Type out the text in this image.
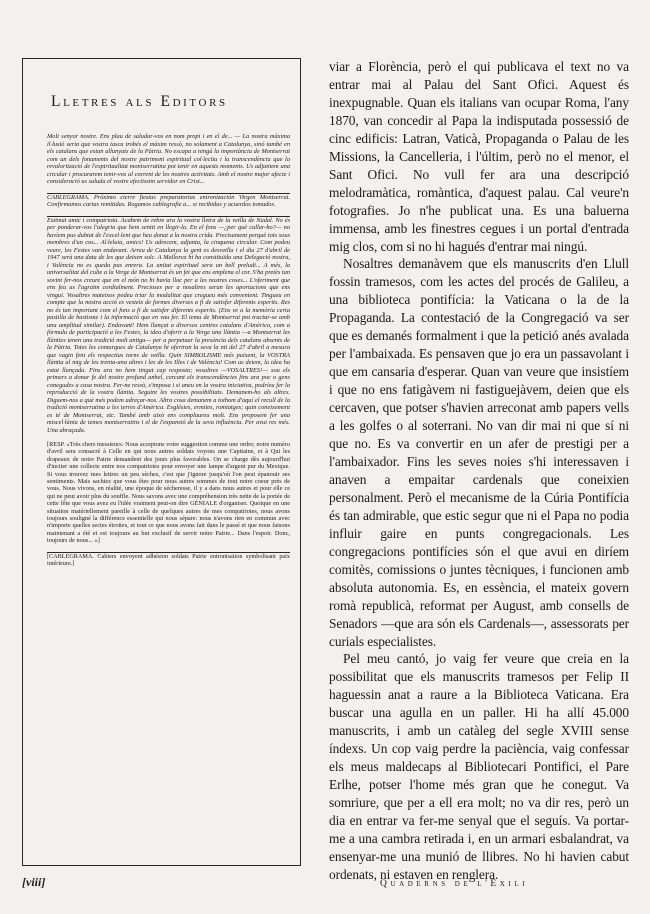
Lletres als Editors

Molt senyor nostre. Ens plau de saludar-vos en nom propi i en el de... — La nostra màxima il·lusió seria que vostra tasca trobés el màxim ressò, no solament a Catalunya, sinó també en els catalans que estan allunyats de la Pàtria. No escapa a ningú la importància de Montserrat com un dels fonaments del nostre patrimoni espiritual col·lectiu i la transcendència que la revalorització de l'espiritualitat montserratina pot tenir en aquests moments. Us adjuntem una circular i procurarem tenir-vos al corrent de les nostres activitats. Amb el nostre major afecte i consideració us saluda el vostre efectissim servidor en Crist...

CABLEGRAMA. Próximo cierre fiestas preparatorias entronización Virgen Montserrat. Confirmamos cartas remitidas. Rogamos cablegrafie a... si recibidas y acuerdos tomados.

Estimat amic i compatriota. Acabem de rebre ara la vostra lletra de la vetlla de Nadal. No és per ponderar-vos l'alegria que hem sentit en llegir-la. En el fons —¿per què callar-ho?— no havíem pas dubtat de l'excel·lent que heu donat a la nostra crida. Precisament perquè tots sous membres d'un cos... Al·leluia, amics! Us adrecem, adjunta, la cinquena circular. Com podeu veure, les Festes van endavant. Arreu de Catalunya la gent es desvetlla i el dia 27 d'abril de 1947 serà una data de les que deixen solc. A Mallorca hi ha constituïda una Delegació nostra, i València no es queda pas enrera. La unitat espiritual sera un bell preludi... A més, la universalitat del culte a la Verge de Montserrat és un fet que ens emplena el cor. S'ha pretès tan sovint fer-nos creure que en el món no hi havia lloc per a les nostres coses... L'oferiment que ens feu us l'agraïm cordialment. Precioses per a nosaltres seran les aportacions que ens vingui. Vosaltres mateixos podeu triar la modalitat que cregueu més convenient. Tingueu en compte que la nostra acció es vesteix de formes diverses a fi de satisfer diferents esperits. Res no és tan important com el fons a fi de satisfer diferents esperits. (Ens ve a la memòria certa pastilla de bastisme i la informació que en vau fer. El tema de Montserrat pot tractar-se amb una amplitud similar). Endavant! Hem llançat a diversos centres catalans d'Amèrica, com a fórmula de participació a les Festes, la idea d'oferir a la Verge una llàntia —a Montserrat les llànties tenen una tradició molt antiga— per a perpetuar la presència dels catalans absents de la Pàtria. Totes les comarques de Catalunya hi oferiran la seva la nit del 27 d'abril a mesura que vagin fent els respectius torns de vetlla. Quin SIMBOLISME més puixent, la VOSTRA llàntia al mig de les trenta-una altres i les de les Illes i de València! Com us deiem, la idea ha estat llançada. Fins ara no hem tingut cap resposta; vosaltres —VOSALTRES!— sou els primers a donar fe del nostre profund anhel, cercant els transcendències fins ara poc o gens conegudes a casa nostra. Fer-ne ressò, s'imposa i si aneu en la vostra iniciativa, podríeu fer la reproducció de la vostra llàntia. Seguint les vostres possibilitats. Demanem-ho als altres. Diguem-nos a què més podem adreçar-nos. Altra cosa demanem a tothom d'aquí el recull de la tradició montserratina a les terres d'Amèrica. Esglésies, ermites, romiatges; quin coneixement es té de Montserrat, etc. També amb això ens complaureu molt. Ens proposem fer una miscel·lània de temes montserratins i el de l'expansió de la seva influència. Per avui res més. Una abraçada.

[RESP. «Très chers messieurs: Nous acceptons votre suggestion comme une ordre; notre numéro d'avril sera consacré à Celle en qui nous autres soldats voyons une Capitaine, et à Qui les drapeaux de notre Patrie demandent des jours plus favorables. On se charge dès aujourd'hui d'inciter une collecte entre nos compatriotes pour envoyer une lampe d'argent pur du Mexique. Si vous trouvez mes lettres un peu sèches, c'est que j'ignore jusqu'où l'on peut épanouir ses sentiments. Mais sachiez que vous êtes pour nous autres sommes de tout notre coeur près de vous. Nous vivons, en réalité, une époque de sécheresse, il y a dans nous autres et pour elle ce qui ne peut avoir plus du souffle. Nous savons avec une compréhension très nette de la portée de cette fête que vous avez eu l'idée vraiment peut-on dire GÉNIALE d'organiser. Quoique en une situation matériellement pareille à celle de quelques autres de mes compatriotes, nous avons toujours souligné la différence essentielle qui nous sépare: nous n'avons rien en commun avec n'importe quelles sectes étroites, et tout ce que nous avons fait dans le passé et que nous faisons maintenant a été et est toujours au but exclusif de servir notre Patrie... Dans l'espoir. Donc, toujours de nous... »]

[CABLEGRAMA. Cahiers envoyent adhésion soldats Patrie entronisation symbolisant paix intérieure.]

viar a Florència, però el qui publicava el text no va entrar mai al Palau del Sant Ofici. Aquest és inexpugnable. Quan els italians van ocupar Roma, l'any 1870, van concedir al Papa la indisputada possessió de cinc edificis: Latran, Vaticà, Propaganda o Palau de les Missions, la Cancelleria, i l'últim, però no el menor, el Sant Ofici. No vull fer ara una descripció melodramàtica, romàntica, d'aquest palau. Cal veure'n fotografies. Jo n'he publicat una. Es una baluerna immensa, amb les finestres cegues i un portal d'entrada mig clos, com si no hi hagués d'entrar mai ningú.

Nosaltres demanàvem que els manuscrits d'en Llull fossin tramesos, com les actes del procés de Galileu, a una biblioteca pontifícia: la Vaticana o la de la Propaganda. La contestació de la Congregació va ser que es demanés formalment i que la petició anés avalada per l'ambaixada. Es pensaven que jo era un passavolant i que em cansaria d'esperar. Quan van veure que insistíem i que no ens fatigàvem ni fastiguejàvem, deien que els cercaven, que potser s'havien arreconat amb papers vells a les golfes o al soterrani. No van dir mai ni que sí ni que no. Es va convertir en un afer de prestigi per a l'ambaixador. Fins les seves noies s'hi interessaven i anaven a empaitar cardenals que coneixien personalment. Però el mecanisme de la Cúria Pontifícia és tan admirable, que estic segur que ni el Papa no podia influir gaire en punts congregacionals. Les congregacions pontifícies són el que avui en diríem comitès, comissions o juntes tècniques, i funcionen amb absoluta autonomia. Es, en essència, el mateix govern romà republicà, reformat per August, amb consells de Senadors —que ara són els Cardenals—, assessorats per curials especialistes.

Pel meu cantó, jo vaig fer veure que creia en la possibilitat que els manuscrits tramesos per Felip II haguessin anat a raure a la Biblioteca Vaticana. Era buscar una agulla en un paller. Hi ha allí 45.000 manuscrits, i amb un catàleg del segle XVIII sense índexs. Un cop vaig perdre la paciència, vaig confessar els meus maldecaps al Bibliotecari Pontifici, el Pare Erlhe, potser l'home més gran que he conegut. Va somriure, que per a ell era molt; no va dir res, però un dia en entrar va fer-me senyal que el seguís. Va portar-me a una cambra retirada i, en un armari esbalandrat, va ensenyar-me una munió de llibres. No hi havien cabut ordenats, ni estaven en renglera.

[viii]	Quaderns de l'Exili
